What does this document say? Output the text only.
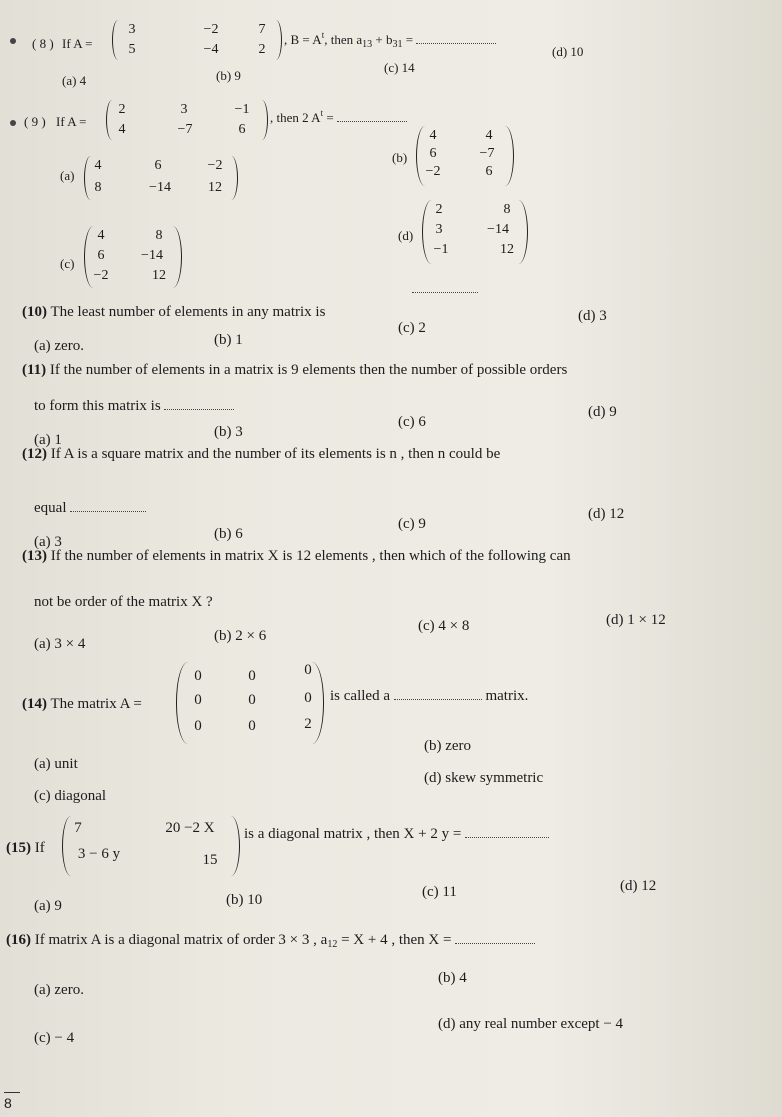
( 8 ) If A =
3	−2	7
5	−4	2
, $B = A^t$, then $a_{13} + b_{31}$ =
(a) 4	(b) 9
(c) 14
(d) 10
( 9 ) If A =
2	3	−1
4	−7	6
, then 2 $A^t$ =
(a)
4	6	−2
8	−14	12
(b)
4	4
6	−7
−2	6
(c)
4	8
6	−14
−2	12
(d)
2	8
3	−14
−1	12
(10) The least number of elements in any matrix is
(a) zero.	(b) 1
(c) 2
(d) 3
(11) If the number of elements in a matrix is 9 elements then the number of possible orders
to form this matrix is
(a) 1	(b) 3
(c) 6
(d) 9
(12) If A is a square matrix and the number of its elements is n , then n could be
equal
(a) 3	(b) 6
(c) 9
(d) 12
(13) If the number of elements in matrix X is 12 elements , then which of the following can
not be order of the matrix X ?
(a) 3 × 4	(b) 2 × 6
(c) 4 × 8	(d) 1 × 12
(14) The matrix A =
0	0	0
0	0	0
0	0	2
is called a	matrix.
(a) unit
(b) zero
(c) diagonal
(d) skew symmetric
(15) If
7	20 −2 X
3 − 6 y	15
is a diagonal matrix , then X + 2 y =
(a) 9	(b) 10	(c) 11	(d) 12
(16) If matrix A is a diagonal matrix of order 3 × 3 , $a_{12} = X + 4$ , then X =
(a) zero.
(b) 4
(c) − 4
(d) any real number except − 4
8
